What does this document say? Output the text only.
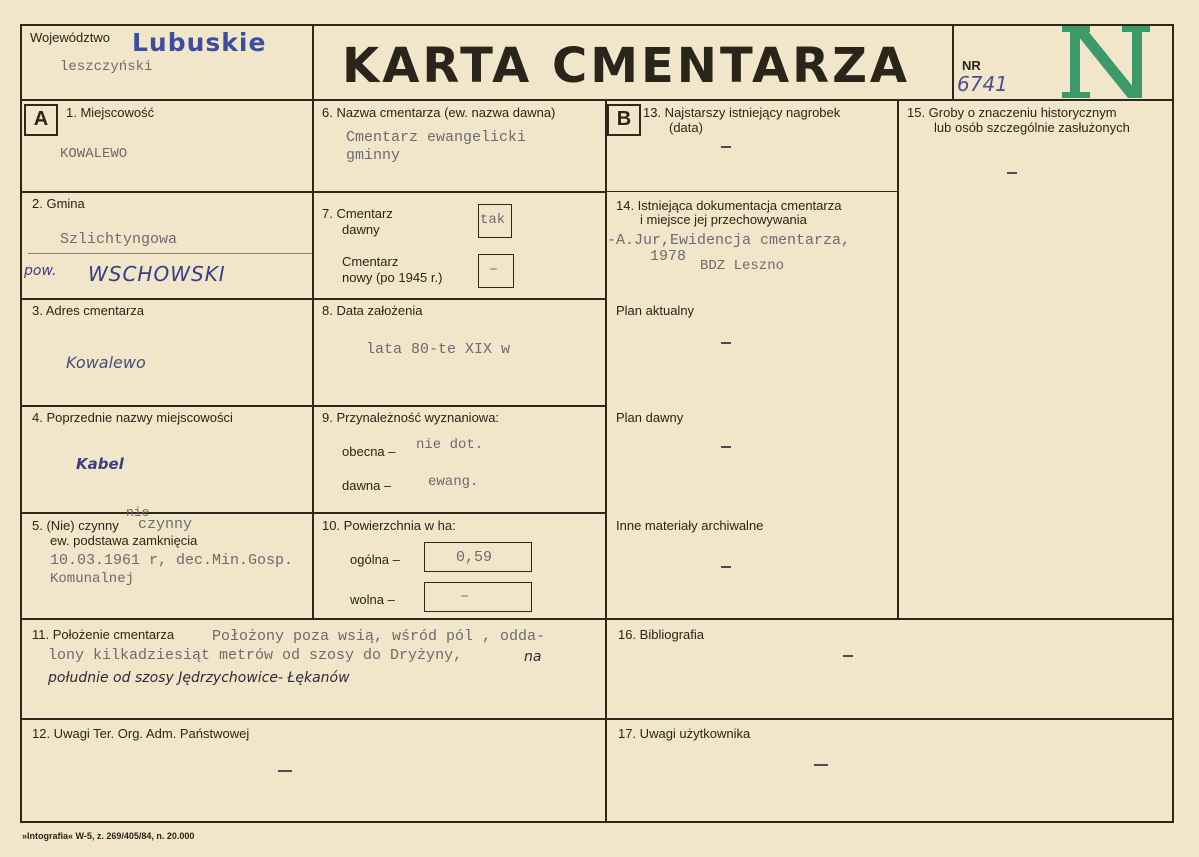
Województwo Lubuskie
leszczyński	KARTA CMENTARZA	NR
6741
A	B
1. Miejscowość
KOWALEWO
6. Nazwa cmentarza (ew. nazwa dawna)
Cmentarz ewangelicki
gminny
13. Najstarszy istniejący nagrobek
(data)
15. Groby o znaczeniu historycznym
lub osób szczególnie zasłużonych
2. Gmina
Szlichtyngowa
pow. WSCHOWSKI
7. Cmentarz
dawny
tak
Cmentarz
nowy (po 1945 r.)	–
14. Istniejąca dokumentacja cmentarza
i miejsce jej przechowywania
-A.Jur,Ewidencja cmentarza,
1978
BDZ Leszno
3. Adres cmentarza
Kowalewo
8. Data założenia
lata 80-te XIX w
Plan aktualny
4. Poprzednie nazwy miejscowości
Kabel
9. Przynależność wyznaniowa:
obecna – nie dot.
dawna –	ewang.
Plan dawny
nie
5. (Nie) czynny czynny
ew. podstawa zamknięcia
10.03.1961 r, dec.Min.Gosp.
Komunalnej
10. Powierzchnia w ha:
ogólna –	0,59
wolna –	–
Inne materiały archiwalne
11. Położenie cmentarza	Położony poza wsią, wśród pól , odda-
lony kilkadziesiąt metrów od szosy do Dryżyny,	na
południe od szosy Jędrzychowice- Łękanów
16. Bibliografia
12. Uwagi Ter. Org. Adm. Państwowej	17. Uwagi użytkownika
»Intografia« W-5, z. 269/405/84, n. 20.000
